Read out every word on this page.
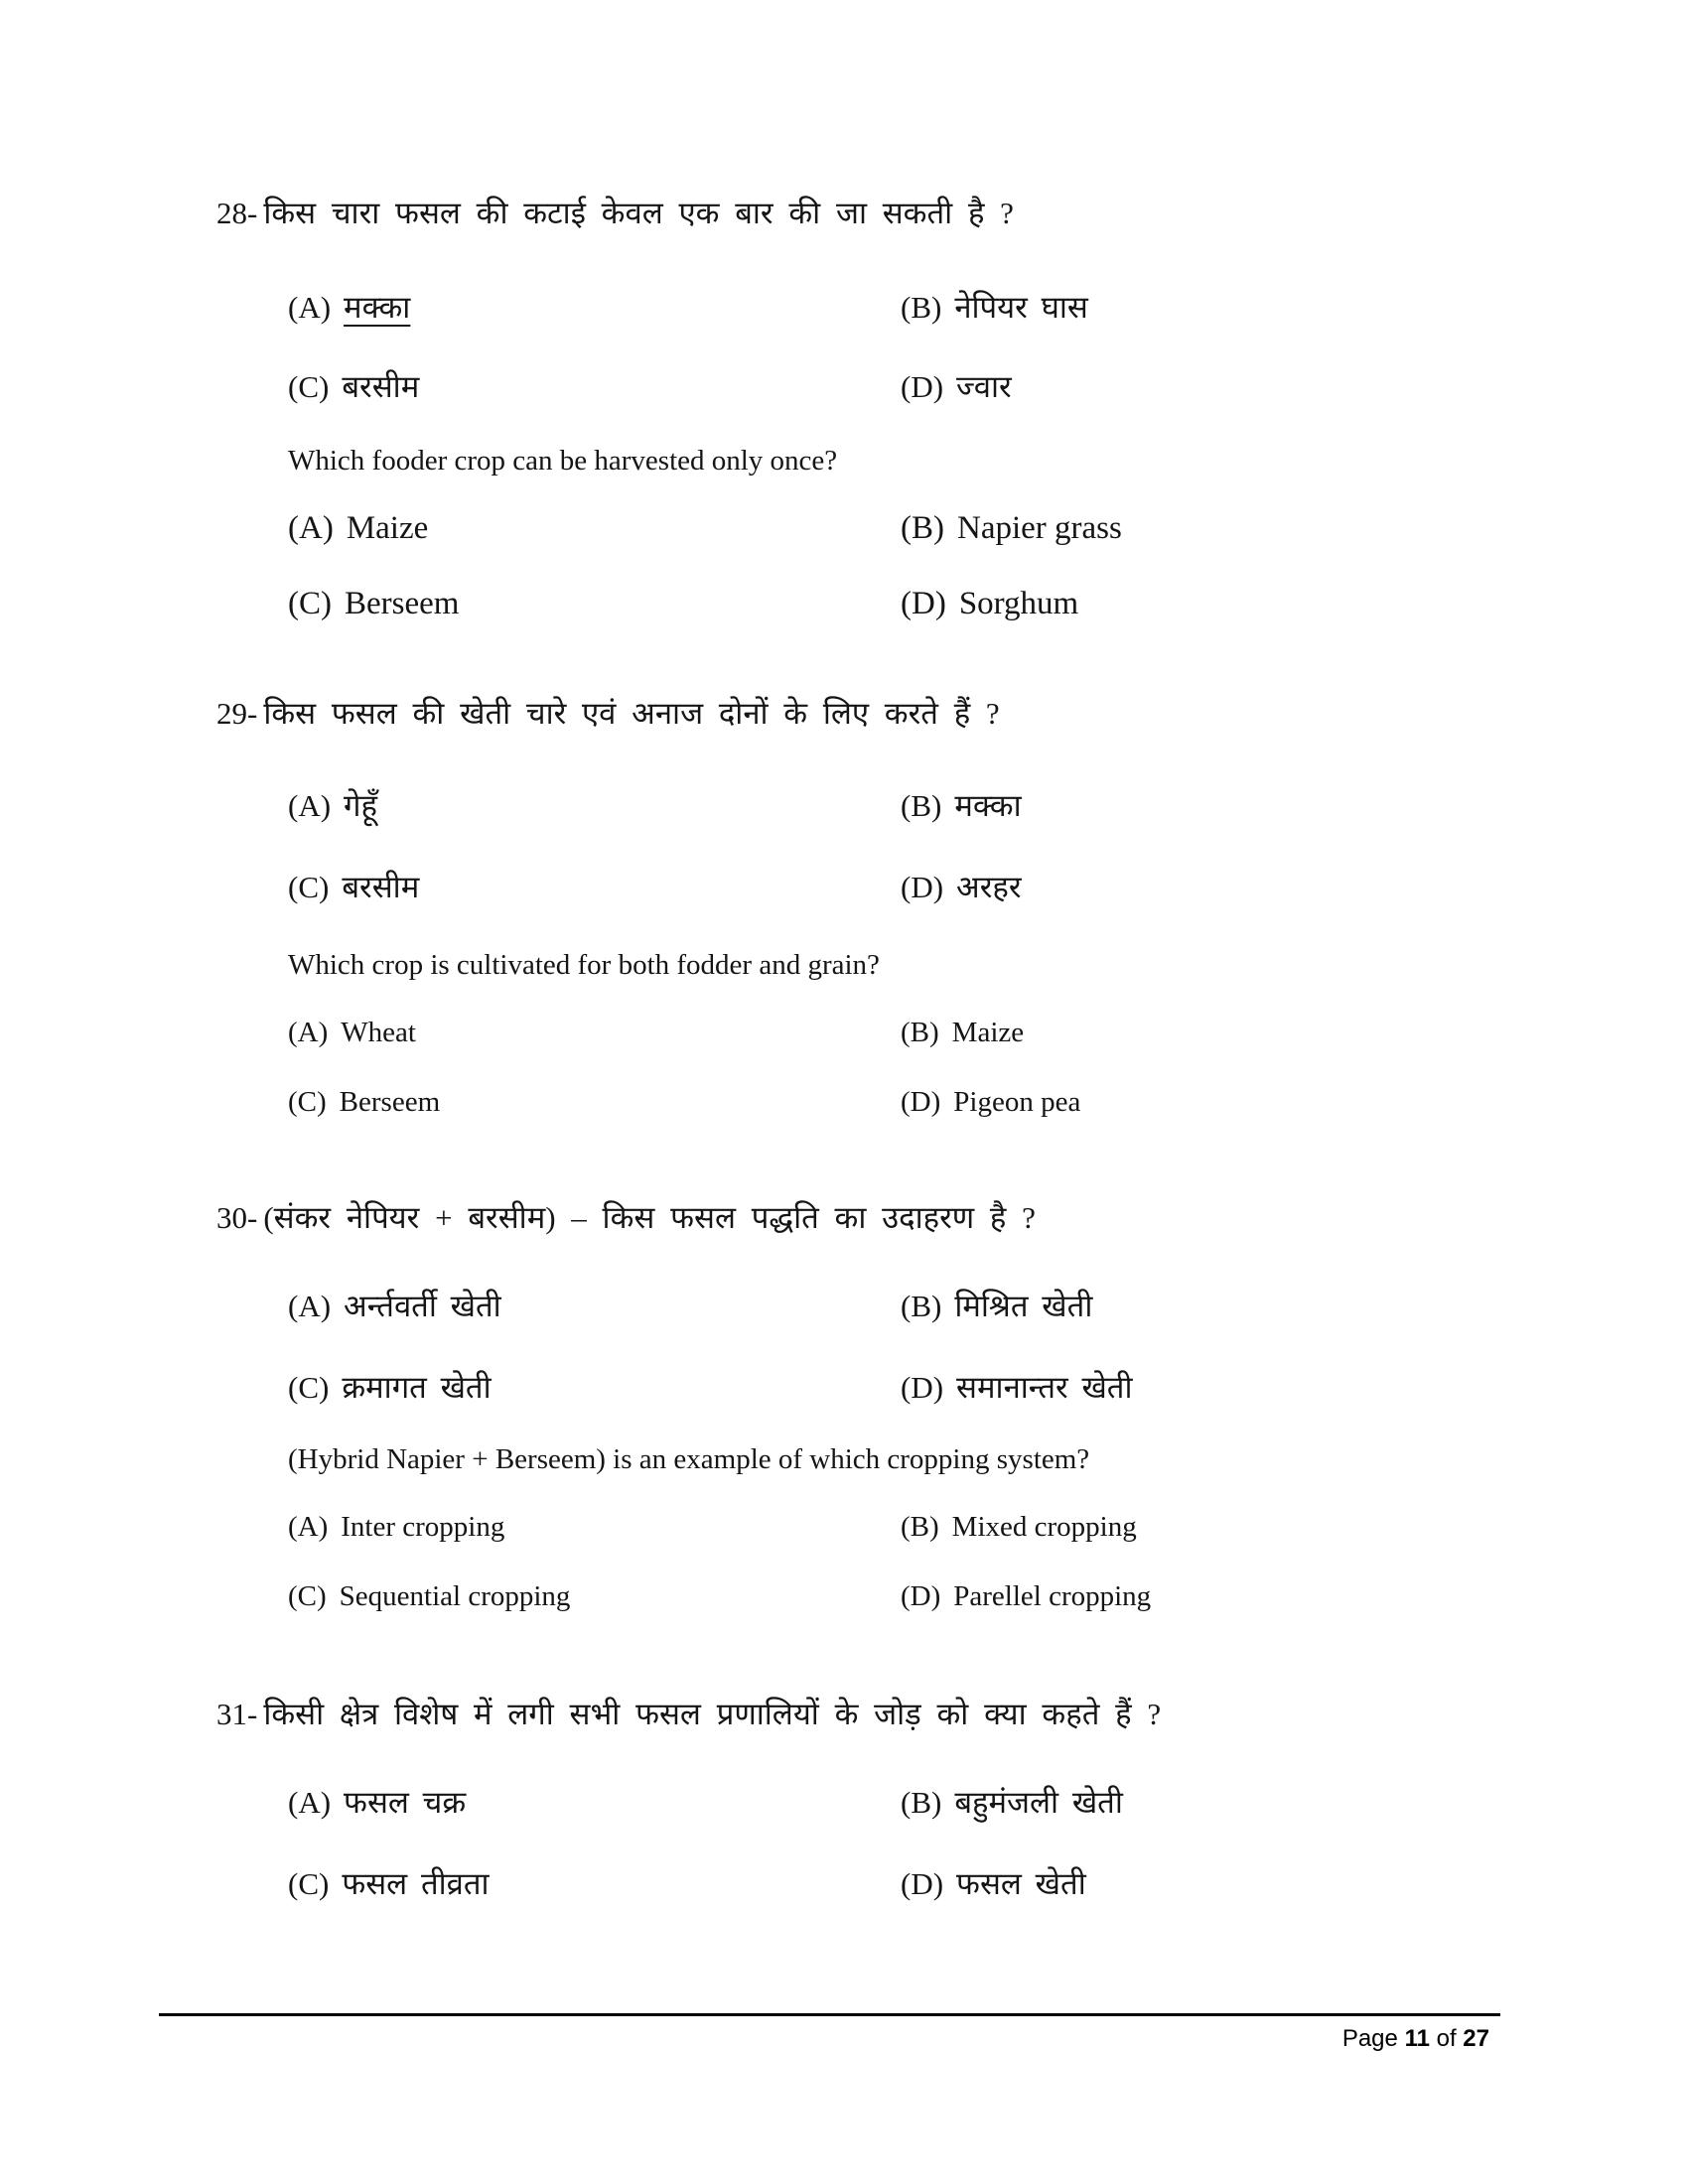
28- किस चारा फसल की कटाई केवल एक बार की जा सकती है ?
(A) मक्का	(B) नेपियर घास
(C) बरसीम	(D) ज्वार
Which fooder crop can be harvested only once?
(A) Maize	(B) Napier grass
(C) Berseem	(D) Sorghum
29- किस फसल की खेती चारे एवं अनाज दोनों के लिए करते हैं ?
(A) गेहूँ	(B) मक्का
(C) बरसीम	(D) अरहर
Which crop is cultivated for both fodder and grain?
(A) Wheat	(B) Maize
(C) Berseem	(D) Pigeon pea
30- (संकर नेपियर + बरसीम) – किस फसल पद्धति का उदाहरण है ?
(A) अर्न्तवर्ती खेती	(B) मिश्रित खेती
(C) क्रमागत खेती	(D) समानान्तर खेती
(Hybrid Napier + Berseem) is an example of which cropping system?
(A) Inter cropping	(B) Mixed cropping
(C) Sequential cropping	(D) Parellel cropping
31- किसी क्षेत्र विशेष में लगी सभी फसल प्रणालियों के जोड़ को क्या कहते हैं ?
(A) फसल चक्र	(B) बहुमंजली खेती
(C) फसल तीव्रता	(D) फसल खेती
Page 11 of 27
